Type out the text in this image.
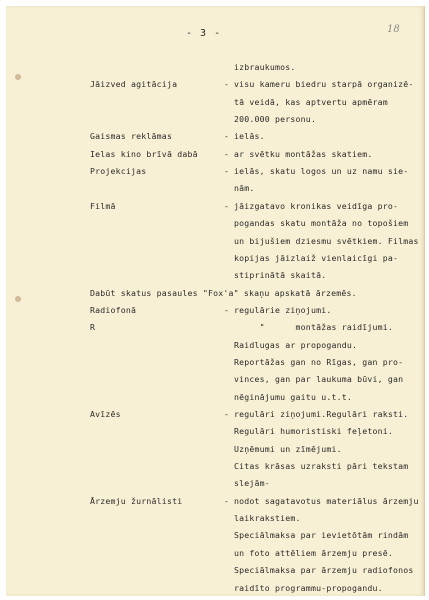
- 3 -	18
izbraukumos.
Jāizved agitācija	- visu kameru biedru starpā organizē-
tā veidā, kas aptvertu apmēram
200.000 personu.
Gaismas reklāmas	- ielās.
Ielas kino brīvā dabā	- ar svētku montāžas skatiem.
Projekcijas	- ielās, skatu logos un uz namu sie-
nām.
Filmā	- jāizgatavo kronikas veidīga pro-
pogandas skatu montāža no topošiem
un bijušiem dziesmu svētkiem. Filmas
kopijas jāizlaiž vienlaicīgi pa-
stiprinātā skaitā.
Dabūt skatus pasaules "Fox'a" skaņu apskatā ārzemēs.
Radiofonā	- regulārie ziņojumi.
R	"      montāžas raidījumi.
Raidlugas ar propogandu.
Reportāžas gan no Rīgas, gan pro-
vinces, gan par laukuma būvi, gan
nēginājumu gaitu u.t.t.
Avīzēs	- regulāri ziņojumi.Regulāri raksti.
Regulāri humoristiski feļetoni.
Uzņēmumi un zīmējumi.
Citas krāsas uzraksti pāri tekstam
slejām-
Ārzemju žurnālisti	- nodot sagatavotus materiālus ārzemju
laikrakstiem.
Speciālmaksa par ievietōtām rindām
un foto attēliem ārzemju presē.
Speciālmaksa par ārzemju radiofonos
raidīto programmu-propogandu.
